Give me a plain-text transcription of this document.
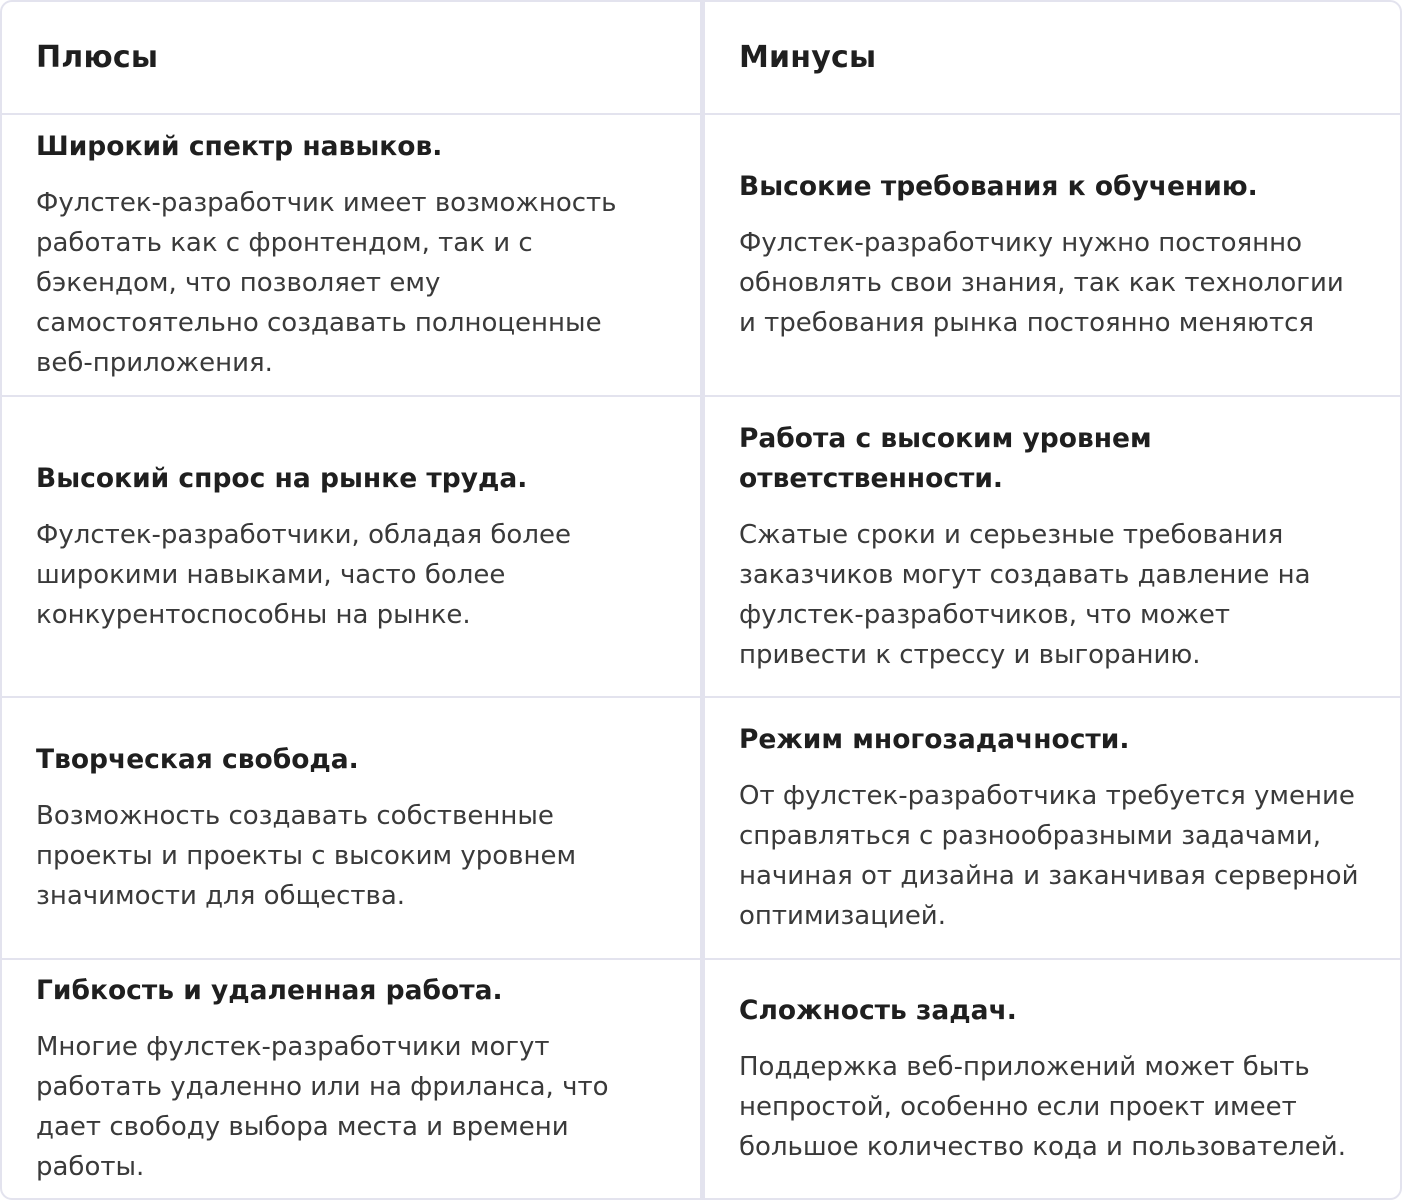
Плюсы	Минусы

Широкий спектр навыков.

Фулстек-разработчик имеет возможность работать как с фронтендом, так и с бэкендом, что позволяет ему самостоятельно создавать полноценные веб-приложения.

Высокие требования к обучению.

Фулстек-разработчику нужно постоянно обновлять свои знания, так как технологии и требования рынка постоянно меняются

Высокий спрос на рынке труда.

Фулстек-разработчики, обладая более широкими навыками, часто более конкурентоспособны на рынке.

Работа с высоким уровнем ответственности.

Сжатые сроки и серьезные требования заказчиков могут создавать давление на фулстек-разработчиков, что может привести к стрессу и выгоранию.

Творческая свобода.

Возможность создавать собственные проекты и проекты с высоким уровнем значимости для общества.

Режим многозадачности.

От фулстек-разработчика требуется умение справляться с разнообразными задачами, начиная от дизайна и заканчивая серверной оптимизацией.

Гибкость и удаленная работа.

Многие фулстек-разработчики могут работать удаленно или на фриланса, что дает свободу выбора места и времени работы.

Сложность задач.

Поддержка веб-приложений может быть непростой, особенно если проект имеет большое количество кода и пользователей.
